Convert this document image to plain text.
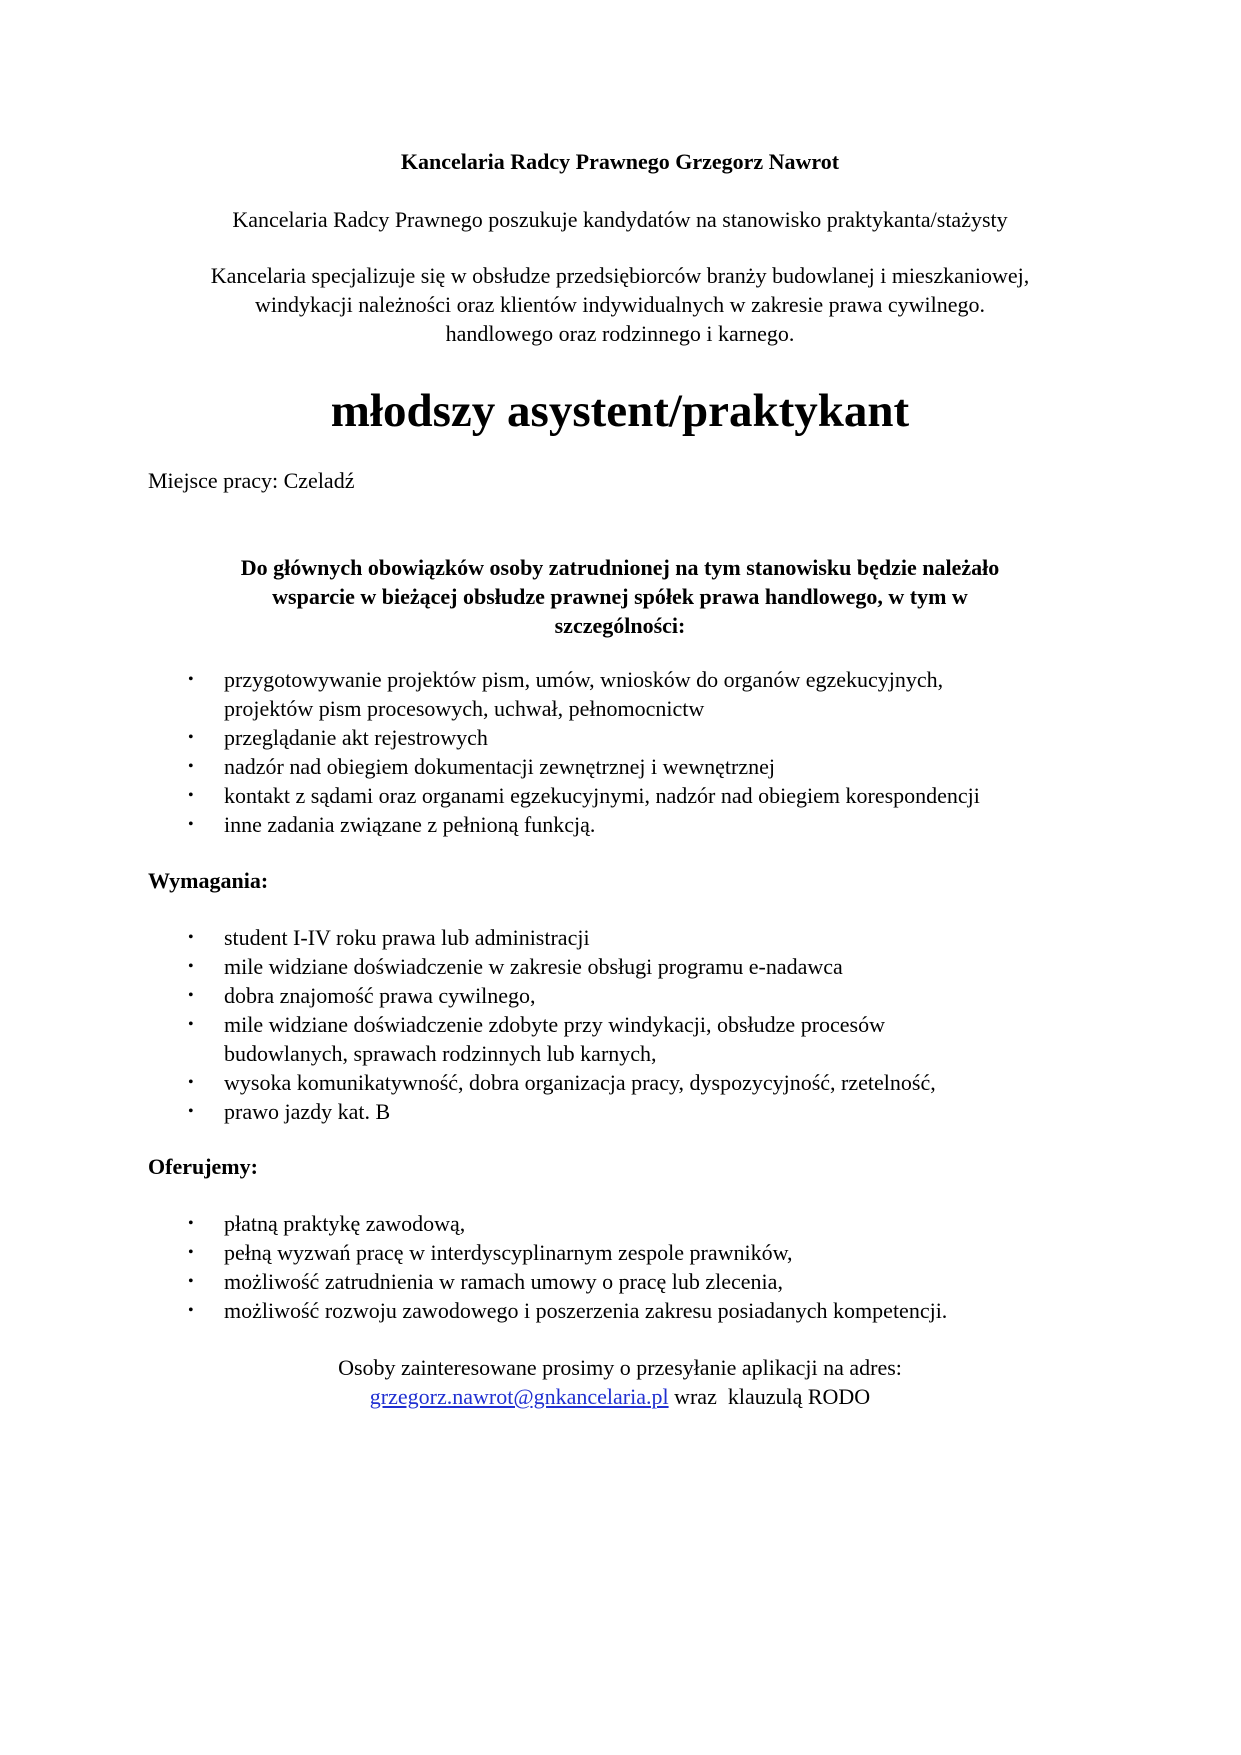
Kancelaria Radcy Prawnego Grzegorz Nawrot
Kancelaria Radcy Prawnego poszukuje kandydatów na stanowisko praktykanta/stażysty
Kancelaria specjalizuje się w obsłudze przedsiębiorców branży budowlanej i mieszkaniowej,
windykacji należności oraz klientów indywidualnych w zakresie prawa cywilnego.
handlowego oraz rodzinnego i karnego.
młodszy asystent/praktykant
Miejsce pracy: Czeladź
Do głównych obowiązków osoby zatrudnionej na tym stanowisku będzie należało
wsparcie w bieżącej obsłudze prawnej spółek prawa handlowego, w tym w
szczególności:
• przygotowywanie projektów pism, umów, wniosków do organów egzekucyjnych,
projektów pism procesowych, uchwał, pełnomocnictw
• przeglądanie akt rejestrowych
• nadzór nad obiegiem dokumentacji zewnętrznej i wewnętrznej
• kontakt z sądami oraz organami egzekucyjnymi, nadzór nad obiegiem korespondencji
• inne zadania związane z pełnioną funkcją.
Wymagania:
• student I-IV roku prawa lub administracji
• mile widziane doświadczenie w zakresie obsługi programu e-nadawca
• dobra znajomość prawa cywilnego,
• mile widziane doświadczenie zdobyte przy windykacji, obsłudze procesów
budowlanych, sprawach rodzinnych lub karnych,
• wysoka komunikatywność, dobra organizacja pracy, dyspozycyjność, rzetelność,
• prawo jazdy kat. B
Oferujemy:
• płatną praktykę zawodową,
• pełną wyzwań pracę w interdyscyplinarnym zespole prawników,
• możliwość zatrudnienia w ramach umowy o pracę lub zlecenia,
• możliwość rozwoju zawodowego i poszerzenia zakresu posiadanych kompetencji.
Osoby zainteresowane prosimy o przesyłanie aplikacji na adres:
grzegorz.nawrot@gnkancelaria.pl wraz  klauzulą RODO
